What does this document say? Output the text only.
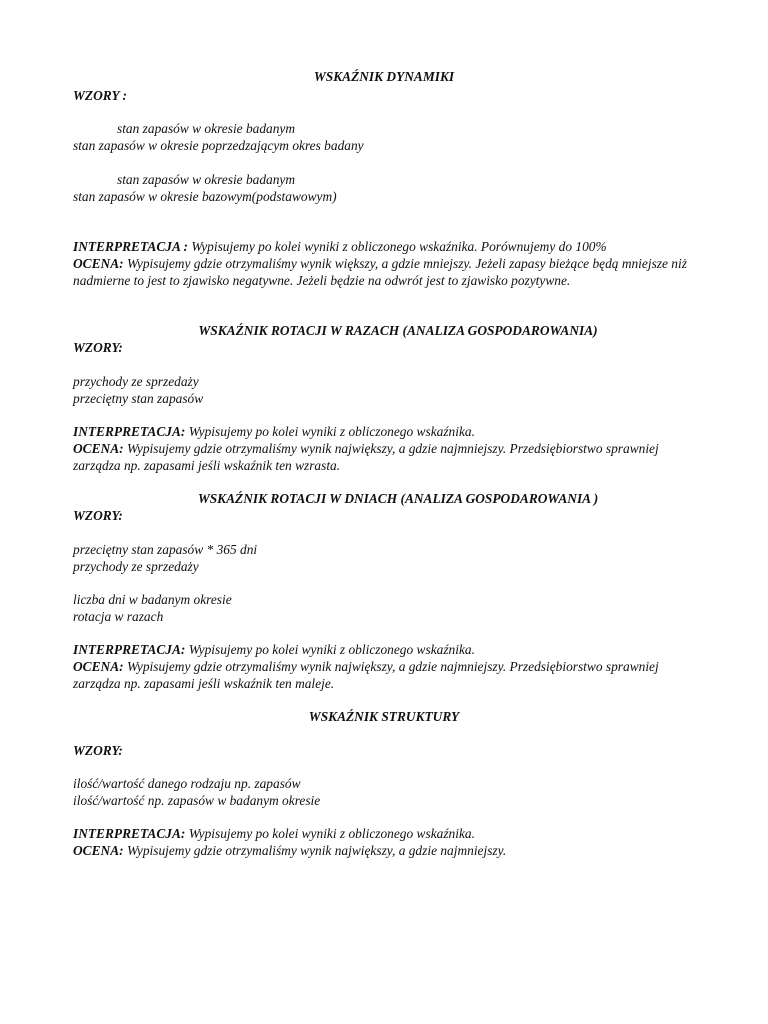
WSKAŹNIK DYNAMIKI
WZORY :
stan zapasów w okresie badanym
stan zapasów w okresie poprzedzającym okres badany
stan zapasów w okresie badanym
stan zapasów w okresie bazowym(podstawowym)
INTERPRETACJA : Wypisujemy po kolei wyniki z obliczonego wskaźnika. Porównujemy do 100%
OCENA: Wypisujemy gdzie otrzymaliśmy wynik większy, a gdzie mniejszy. Jeżeli zapasy bieżące będą mniejsze niż nadmierne to jest to zjawisko negatywne. Jeżeli będzie na odwrót jest to zjawisko pozytywne.
WSKAŹNIK ROTACJI W RAZACH (ANALIZA GOSPODAROWANIA)
WZORY:
przychody ze sprzedaży
przeciętny stan zapasów
INTERPRETACJA: Wypisujemy po kolei wyniki z obliczonego wskaźnika.
OCENA: Wypisujemy gdzie otrzymaliśmy wynik największy, a gdzie najmniejszy. Przedsiębiorstwo sprawniej zarządza np. zapasami jeśli wskaźnik ten wzrasta.
WSKAŹNIK ROTACJI W DNIACH (ANALIZA GOSPODAROWANIA )
WZORY:
przeciętny stan zapasów * 365 dni
przychody ze sprzedaży
liczba dni w badanym okresie
rotacja w razach
INTERPRETACJA: Wypisujemy po kolei wyniki z obliczonego wskaźnika.
OCENA: Wypisujemy gdzie otrzymaliśmy wynik największy, a gdzie najmniejszy. Przedsiębiorstwo sprawniej zarządza np. zapasami jeśli wskaźnik ten maleje.
WSKAŹNIK STRUKTURY
WZORY:
ilość/wartość danego rodzaju np. zapasów
ilość/wartość np. zapasów w badanym okresie
INTERPRETACJA: Wypisujemy po kolei wyniki z obliczonego wskaźnika.
OCENA: Wypisujemy gdzie otrzymaliśmy wynik największy, a gdzie najmniejszy.
